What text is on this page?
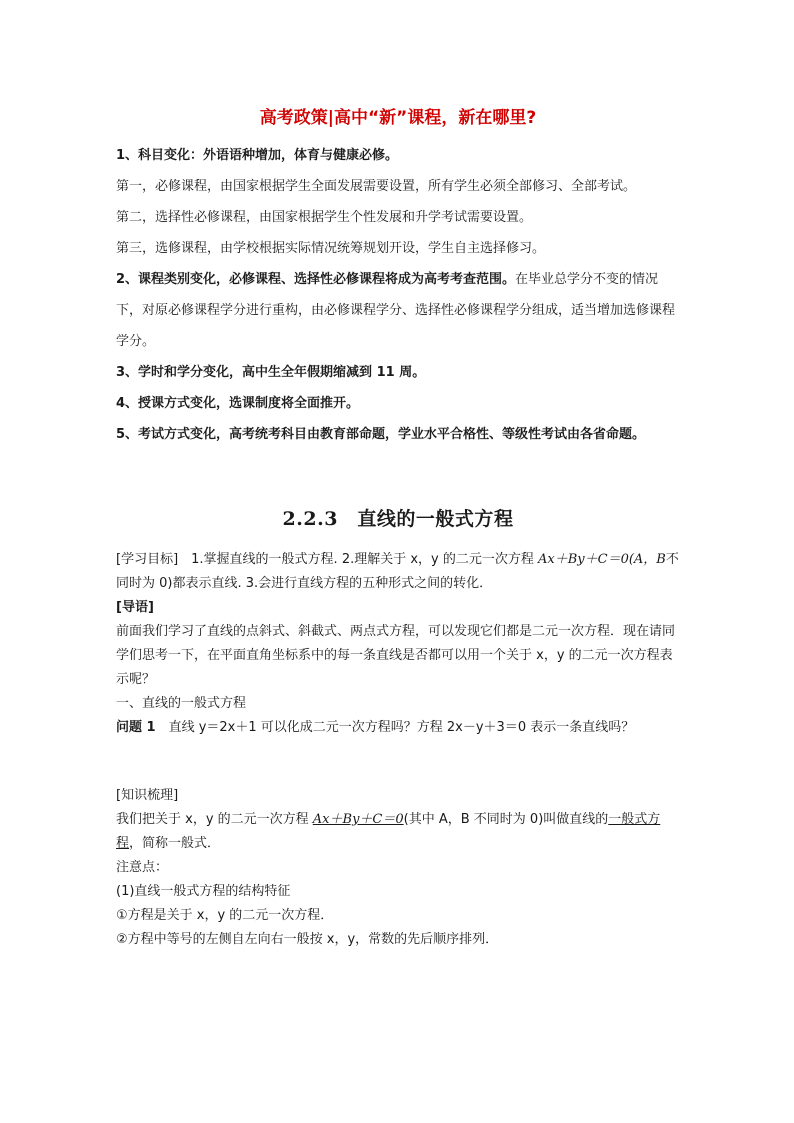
高考政策|高中“新”课程，新在哪里?

1、科目变化：外语语种增加，体育与健康必修。

第一，必修课程，由国家根据学生全面发展需要设置，所有学生必须全部修习、全部考试。

第二，选择性必修课程，由国家根据学生个性发展和升学考试需要设置。

第三，选修课程，由学校根据实际情况统筹规划开设，学生自主选择修习。

2、课程类别变化，必修课程、选择性必修课程将成为高考考查范围。在毕业总学分不变的情况下，对原必修课程学分进行重构，由必修课程学分、选择性必修课程学分组成，适当增加选修课程学分。

3、学时和学分变化，高中生全年假期缩减到 11 周。

4、授课方式变化，选课制度将全面推开。

5、考试方式变化，高考统考科目由教育部命题，学业水平合格性、等级性考试由各省命题。

2.2.3　直线的一般式方程

[学习目标]　1.掌握直线的一般式方程. 2.理解关于 x，y 的二元一次方程 Ax＋By＋C＝0(A，B不同时为 0)都表示直线. 3.会进行直线方程的五种形式之间的转化．

[导语]

前面我们学习了直线的点斜式、斜截式、两点式方程，可以发现它们都是二元一次方程．现在请同学们思考一下，在平面直角坐标系中的每一条直线是否都可以用一个关于 x，y 的二元一次方程表示呢？

一、直线的一般式方程

问题 1　直线 y＝2x＋1 可以化成二元一次方程吗？方程 2x－y＋3＝0 表示一条直线吗？

[知识梳理]

我们把关于 x，y 的二元一次方程 Ax＋By＋C＝0(其中 A，B 不同时为 0)叫做直线的一般式方程，简称一般式．

注意点：

(1)直线一般式方程的结构特征

①方程是关于 x，y 的二元一次方程．

②方程中等号的左侧自左向右一般按 x，y，常数的先后顺序排列．
